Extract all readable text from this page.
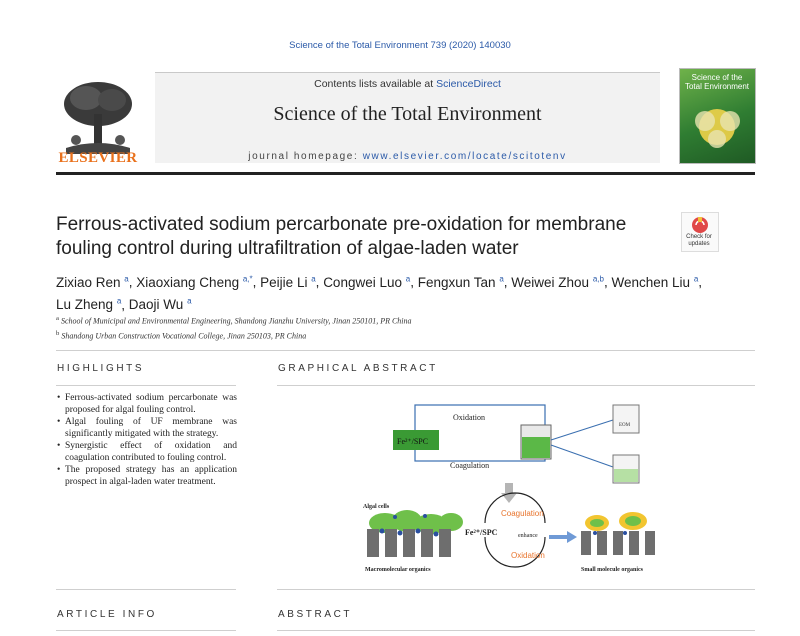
Science of the Total Environment 739 (2020) 140030
ELSEVIER
Contents lists available at ScienceDirect
Science of the Total Environment
journal homepage: www.elsevier.com/locate/scitotenv
Science of the Total Environment
Ferrous-activated sodium percarbonate pre-oxidation for membrane fouling control during ultrafiltration of algae-laden water
Check for updates
Zixiao Ren $^a$, Xiaoxiang Cheng $^{a,*}$, Peijie Li $^a$, Congwei Luo $^a$, Fengxun Tan $^a$, Weiwei Zhou $^{a,b}$, Wenchen Liu $^a$,
Lu Zheng $^a$, Daoji Wu $^a$
$^a$ School of Municipal and Environmental Engineering, Shandong Jianzhu University, Jinan 250101, PR China
$^b$ Shandong Urban Construction Vocational College, Jinan 250103, PR China
HIGHLIGHTS
• Ferrous-activated sodium percarbonate was proposed for algal fouling control.
• Algal fouling of UF membrane was significantly mitigated with the strategy.
• Synergistic effect of oxidation and coagulation contributed to fouling control.
• The proposed strategy has an application prospect in algal-laden water treatment.
GRAPHICAL ABSTRACT
Oxidation
Coagulation
Fe²⁺/SPC
EOM
Algal cells
Macromolecular organics
Coagulation
Fe²⁺/SPC	enhance
Oxidation
Small molecule organics
ARTICLE INFO	ABSTRACT
